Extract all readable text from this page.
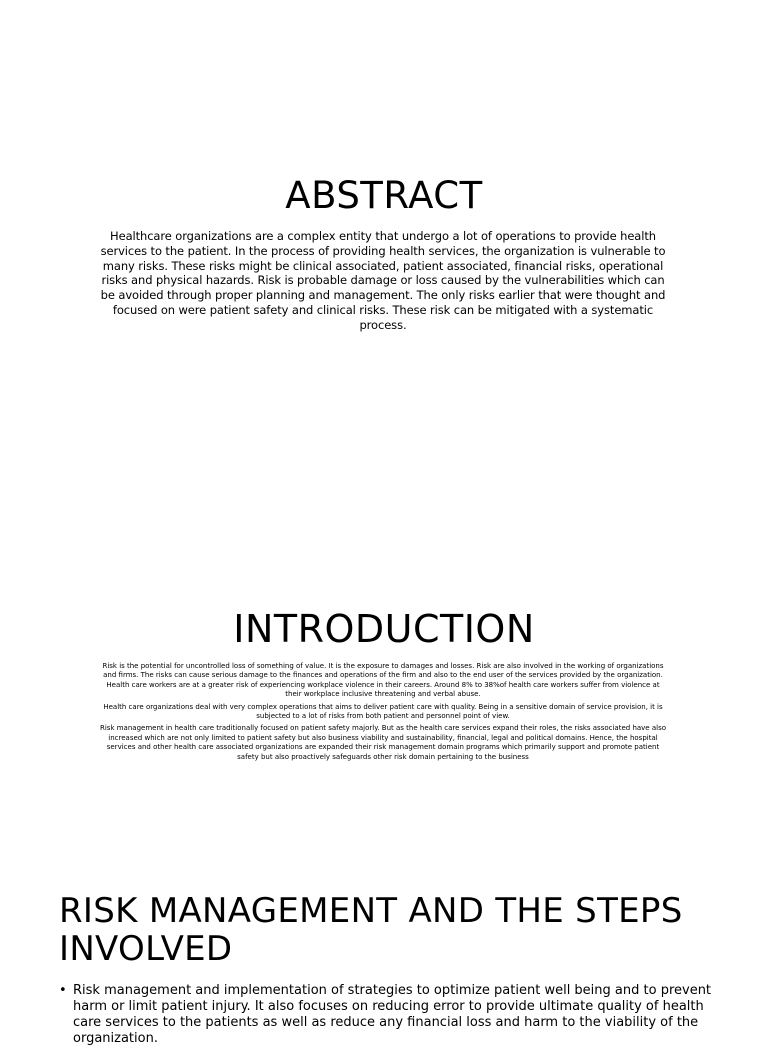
ABSTRACT

Healthcare organizations are a complex entity that undergo a lot of operations to provide health services to the patient. In the process of providing health services, the organization is vulnerable to many risks. These risks might be clinical associated, patient associated, financial risks, operational risks and physical hazards. Risk is probable damage or loss caused by the vulnerabilities which can be avoided through proper planning and management. The only risks earlier that were thought and focused on were patient safety and clinical risks. These risk can be mitigated with a systematic process.

INTRODUCTION

Risk is the potential for uncontrolled loss of something of value. It is the exposure to damages and losses. Risk are also involved in the working of organizations and firms. The risks can cause serious damage to the finances and operations of the firm and also to the end user of the services provided by the organization. Health care workers are at a greater risk of experiencing workplace violence in their careers. Around 8% to 38%of health care workers suffer from violence at their workplace inclusive threatening and verbal abuse.

Health care organizations deal with very complex operations that aims to deliver patient care with quality. Being in a sensitive domain of service provision, it is subjected to a lot of risks from both patient and personnel point of view.

Risk management in health care traditionally focused on patient safety majorly. But as the health care services expand their roles, the risks associated have also increased which are not only limited to patient safety but also business viability and sustainability, financial, legal and political domains. Hence, the hospital services and other health care associated organizations are expanded their risk management domain programs which primarily support and promote patient safety but also proactively safeguards other risk domain pertaining to the business

RISK MANAGEMENT AND THE STEPS INVOLVED
• Risk management and implementation of strategies to optimize patient well being and to prevent harm or limit patient injury. It also focuses on reducing error to provide ultimate quality of health care services to the patients as well as reduce any financial loss and harm to the viability of the organization.
